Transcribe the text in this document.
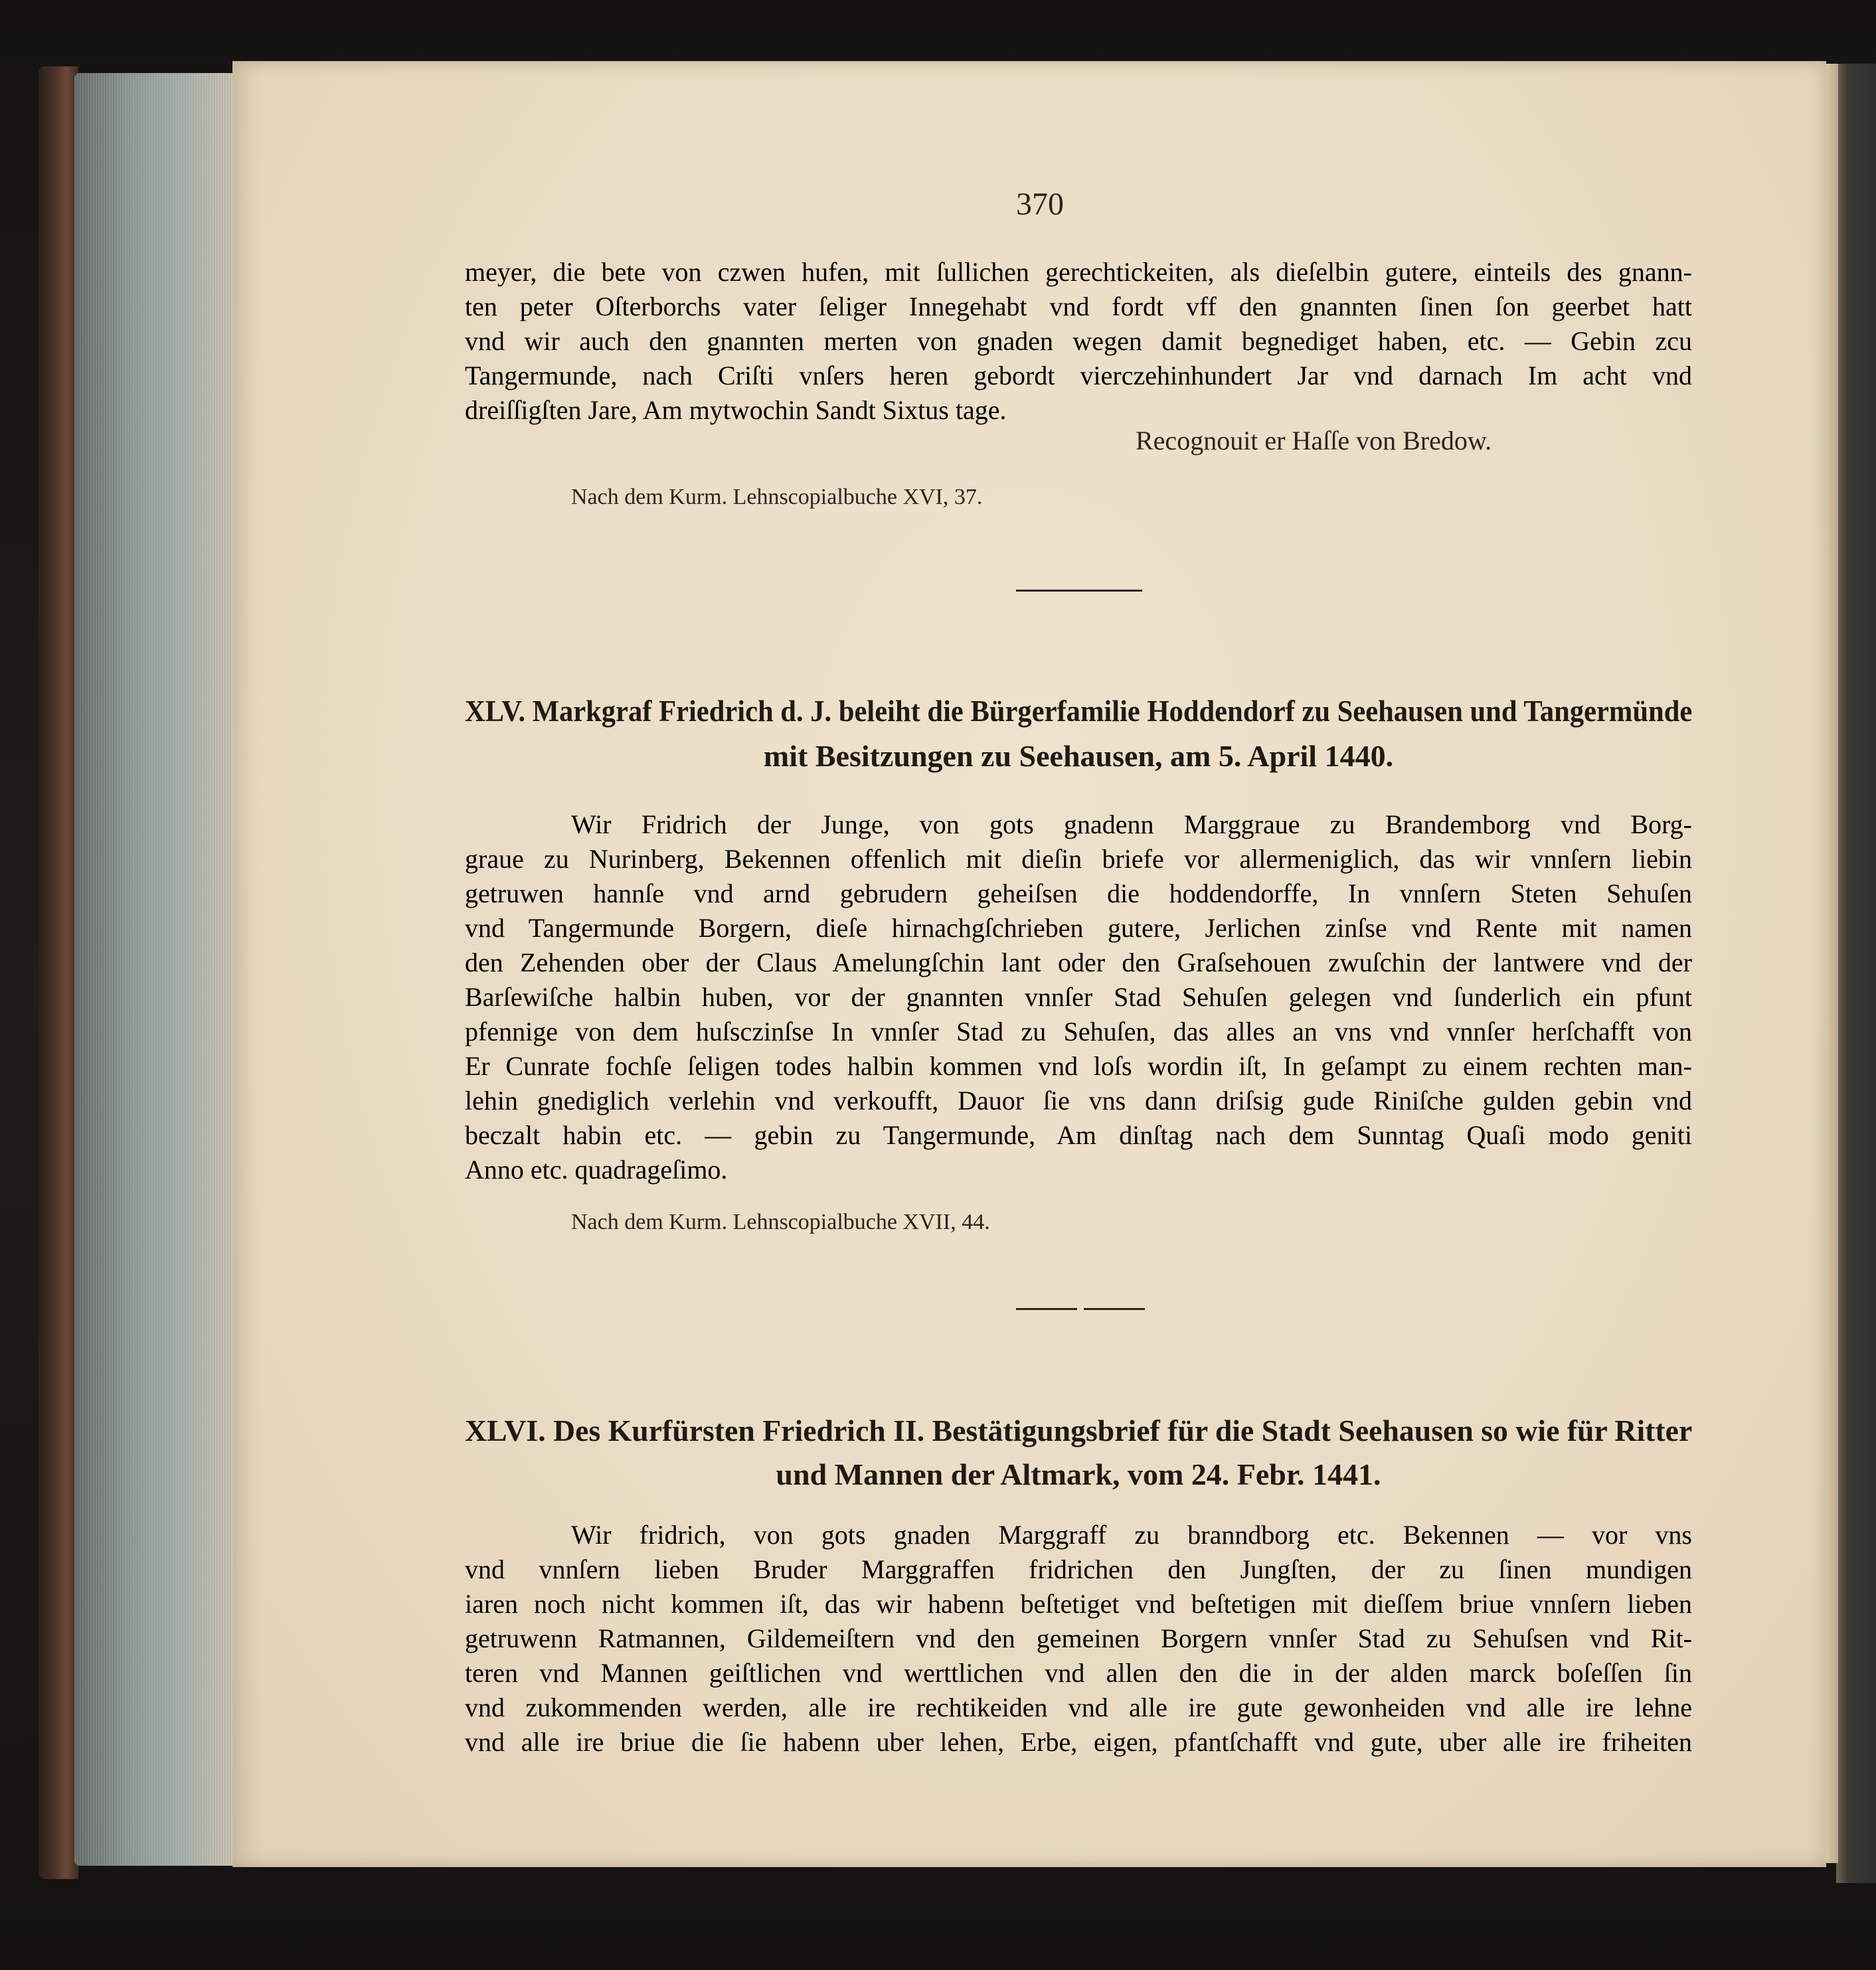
370
meyer, die bete von czwen hufen, mit ſullichen gerechtickeiten, als dieſelbin gutere, einteils des gnann-
ten peter Oſterborchs vater ſeliger Innegehabt vnd fordt vff den gnannten ſinen ſon geerbet hatt
vnd wir auch den gnannten merten von gnaden wegen damit begnediget haben, etc. — Gebin zcu
Tangermunde, nach Criſti vnſers heren gebordt vierczehinhundert Jar vnd darnach Im acht vnd
dreiſſigſten Jare, Am mytwochin Sandt Sixtus tage.
Recognouit er Haſſe von Bredow.
Nach dem Kurm. Lehnscopialbuche XVI, 37.
XLV. Markgraf Friedrich d. J. beleiht die Bürgerfamilie Hoddendorf zu Seehausen und Tangermünde
mit Besitzungen zu Seehausen, am 5. April 1440.
Wir Fridrich der Junge, von gots gnadenn Marggraue zu Brandemborg vnd Borg-
graue zu Nurinberg, Bekennen offenlich mit dieſin briefe vor allermeniglich, das wir vnnſern liebin
getruwen hannſe vnd arnd gebrudern geheiſsen die hoddendorffe, In vnnſern Steten Sehuſen
vnd Tangermunde Borgern, dieſe hirnachgſchrieben gutere, Jerlichen zinſse vnd Rente mit namen
den Zehenden ober der Claus Amelungſchin lant oder den Graſsehouen zwuſchin der lantwere vnd der
Barſewiſche halbin huben, vor der gnannten vnnſer Stad Sehuſen gelegen vnd ſunderlich ein pfunt
pfennige von dem huſsczinſse In vnnſer Stad zu Sehuſen, das alles an vns vnd vnnſer herſchafft von
Er Cunrate fochſe ſeligen todes halbin kommen vnd loſs wordin iſt, In geſampt zu einem rechten man-
lehin gnediglich verlehin vnd verkoufft, Dauor ſie vns dann driſsig gude Riniſche gulden gebin vnd
beczalt habin etc. — gebin zu Tangermunde, Am dinſtag nach dem Sunntag Quaſi modo geniti
Anno etc. quadrageſimo.
Nach dem Kurm. Lehnscopialbuche XVII, 44.
XLVI. Des Kurfürsten Friedrich II. Bestätigungsbrief für die Stadt Seehausen so wie für Ritter
und Mannen der Altmark, vom 24. Febr. 1441.
Wir fridrich, von gots gnaden Marggraff zu branndborg etc. Bekennen — vor vns
vnd vnnſern lieben Bruder Marggraffen fridrichen den Jungſten, der zu ſinen mundigen
iaren noch nicht kommen iſt, das wir habenn beſtetiget vnd beſtetigen mit dieſſem briue vnnſern lieben
getruwenn Ratmannen, Gildemeiſtern vnd den gemeinen Borgern vnnſer Stad zu Sehuſsen vnd Rit-
teren vnd Mannen geiſtlichen vnd werttlichen vnd allen den die in der alden marck boſeſſen ſin
vnd zukommenden werden, alle ire rechtikeiden vnd alle ire gute gewonheiden vnd alle ire lehne
vnd alle ire briue die ſie habenn uber lehen, Erbe, eigen, pfantſchafft vnd gute, uber alle ire friheiten
